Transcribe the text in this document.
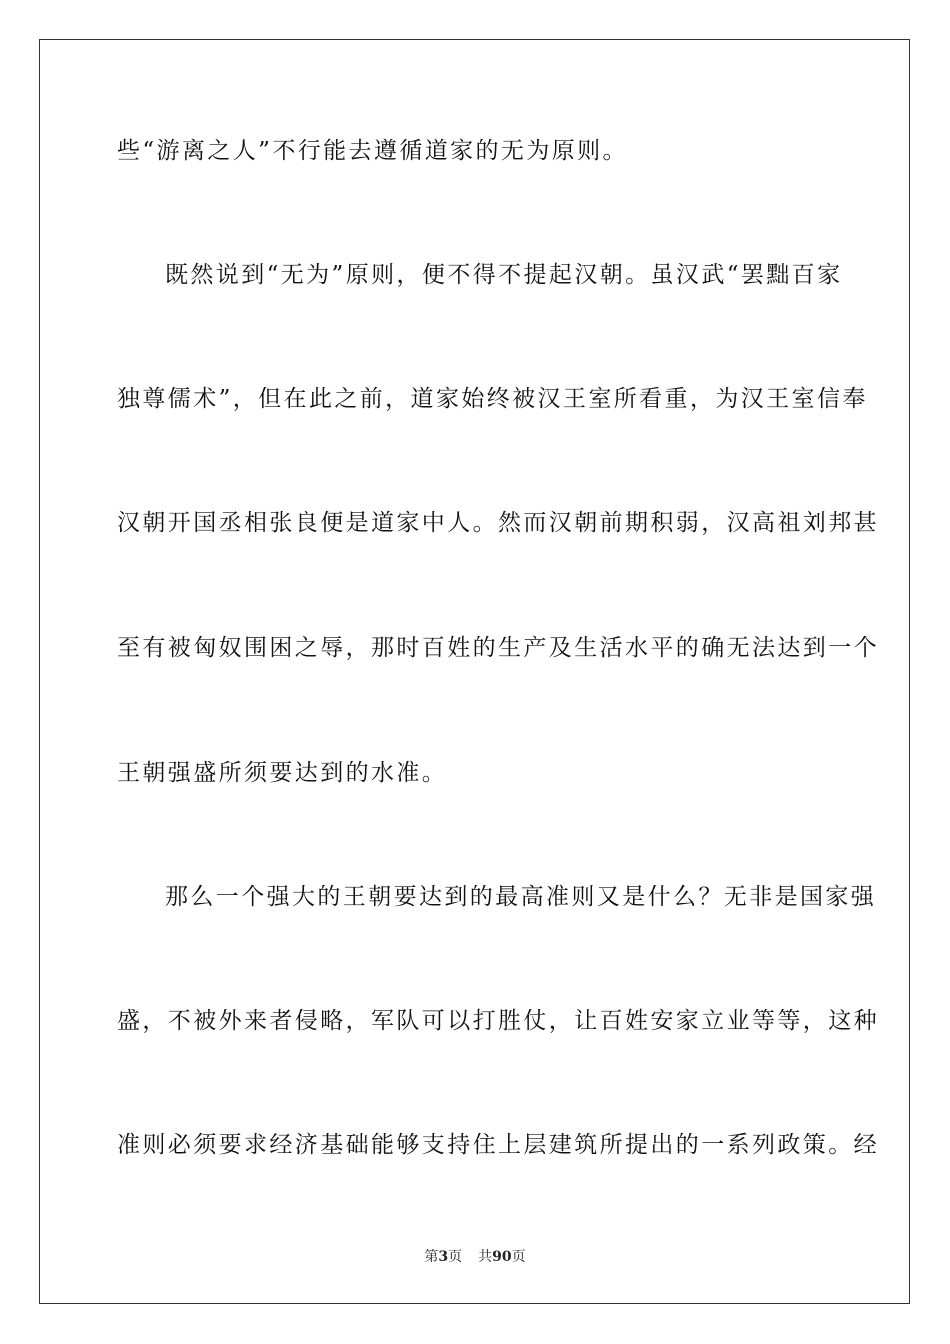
些“游离之人”不行能去遵循道家的无为原则。
既然说到“无为”原则，便不得不提起汉朝。虽汉武“罢黜百家
独尊儒术”，但在此之前，道家始终被汉王室所看重，为汉王室信奉
汉朝开国丞相张良便是道家中人。然而汉朝前期积弱，汉高祖刘邦甚
至有被匈奴围困之辱，那时百姓的生产及生活水平的确无法达到一个
王朝强盛所须要达到的水准。
那么一个强大的王朝要达到的最高准则又是什么？无非是国家强
盛，不被外来者侵略，军队可以打胜仗，让百姓安家立业等等，这种
准则必须要求经济基础能够支持住上层建筑所提出的一系列政策。经
第3页 共90页
